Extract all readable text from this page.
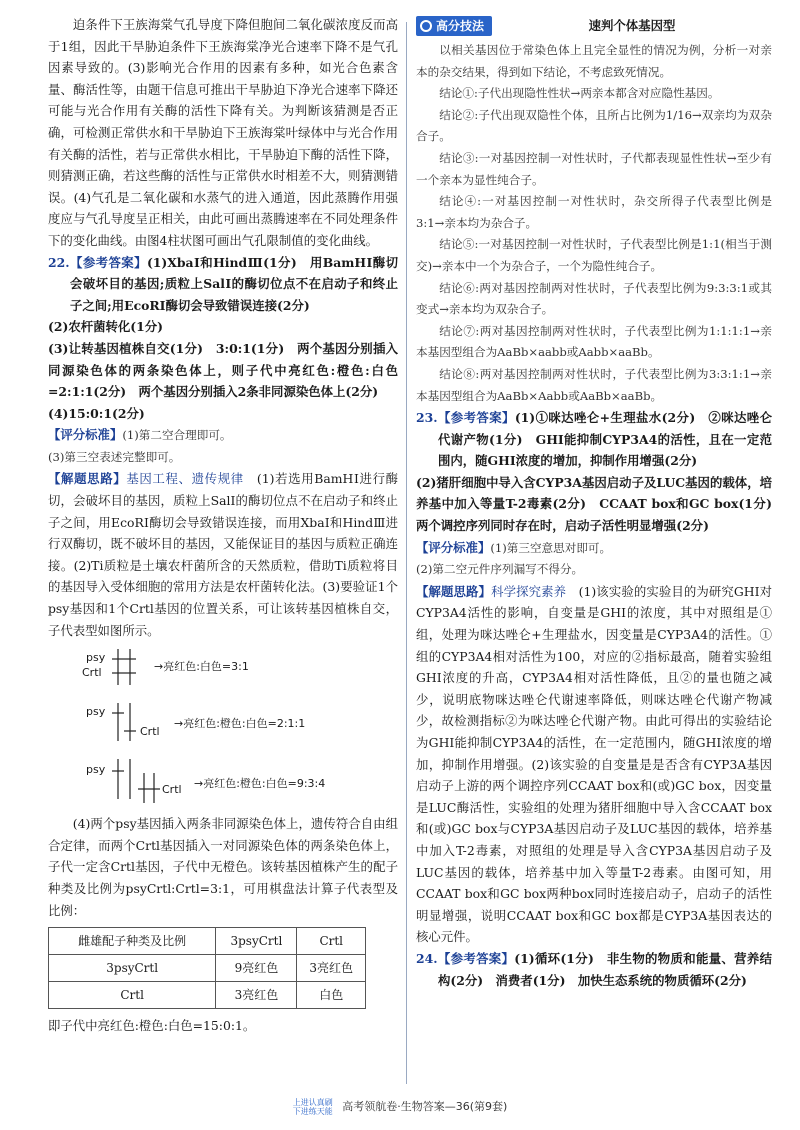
迫条件下王族海棠气孔导度下降但胞间二氧化碳浓度反而高于1组，因此干旱胁迫条件下王族海棠净光合速率下降不是气孔因素导致的。(3)影响光合作用的因素有多种，如光合色素含量、酶活性等，由题干信息可推出干旱胁迫下净光合速率下降还可能与光合作用有关酶的活性下降有关。为判断该猜测是否正确，可检测正常供水和干旱胁迫下王族海棠叶绿体中与光合作用有关酶的活性，若与正常供水相比，干旱胁迫下酶的活性下降，则猜测正确，若这些酶的活性与正常供水时相差不大，则猜测错误。(4)气孔是二氧化碳和水蒸气的进入通道，因此蒸腾作用强度应与气孔导度呈正相关，由此可画出蒸腾速率在不同处理条件下的变化曲线。由图4柱状图可画出气孔限制值的变化曲线。

22.【参考答案】(1)XbaⅠ和HindⅢ(1分)　用BamHⅠ酶切会破坏目的基因;质粒上SalⅠ的酶切位点不在启动子和终止子之间;用EcoRⅠ酶切会导致错误连接(2分)

(2)农杆菌转化(1分)

(3)让转基因植株自交(1分)　3:0:1(1分)　两个基因分别插入同源染色体的两条染色体上，则子代中亮红色:橙色:白色=2:1:1(2分)　两个基因分别插入2条非同源染色体上(2分)

(4)15:0:1(2分)

【评分标准】(1)第二空合理即可。

(3)第三空表述完整即可。

【解题思路】基因工程、遗传规律　 (1)若选用BamHⅠ进行酶切，会破坏目的基因，质粒上SalⅠ的酶切位点不在启动子和终止子之间，用EcoRⅠ酶切会导致错误连接，而用XbaⅠ和HindⅢ进行双酶切，既不破坏目的基因，又能保证目的基因与质粒正确连接。(2)Ti质粒是土壤农杆菌所含的天然质粒，借助Ti质粒将目的基因导入受体细胞的常用方法是农杆菌转化法。(3)要验证1个psy基因和1个Crtl基因的位置关系，可让该转基因植株自交，子代表型如图所示。

psy
Crtl	→亮红色:白色=3:1
psy
Crtl
→亮红色:橙色:白色=2:1:1
psy
Crtl →亮红色:橙色:白色=9:3:4

(4)两个psy基因插入两条非同源染色体上，遗传符合自由组合定律，而两个Crtl基因插入一对同源染色体的两条染色体上，子代一定含Crtl基因，子代中无橙色。该转基因植株产生的配子种类及比例为psyCrtl:Crtl=3:1，可用棋盘法计算子代表型及比例：

雌雄配子种类及比例	3psyCrtl	Crtl
3psyCrtl	9亮红色	3亮红色
Crtl	3亮红色	白色

即子代中亮红色:橙色:白色=15:0:1。

高分技法	速判个体基因型

以相关基因位于常染色体上且完全显性的情况为例，分析一对亲本的杂交结果，得到如下结论，不考虑致死情况。

结论①:子代出现隐性性状→两亲本都含对应隐性基因。

结论②:子代出现双隐性个体，且所占比例为1/16→双亲均为双杂合子。

结论③:一对基因控制一对性状时，子代都表现显性性状→至少有一个亲本为显性纯合子。

结论④:一对基因控制一对性状时，杂交所得子代表型比例是3:1→亲本均为杂合子。

结论⑤:一对基因控制一对性状时，子代表型比例是1:1(相当于测交)→亲本中一个为杂合子，一个为隐性纯合子。

结论⑥:两对基因控制两对性状时，子代表型比例为9:3:3:1或其变式→亲本均为双杂合子。

结论⑦:两对基因控制两对性状时，子代表型比例为1:1:1:1→亲本基因型组合为AaBb×aabb或Aabb×aaBb。

结论⑧:两对基因控制两对性状时，子代表型比例为3:3:1:1→亲本基因型组合为AaBb×Aabb或AaBb×aaBb。

23.【参考答案】(1)①咪达唑仑+生理盐水(2分)　②咪达唑仑代谢产物(1分)　GHI能抑制CYP3A4的活性，且在一定范围内，随GHI浓度的增加，抑制作用增强(2分)

(2)猪肝细胞中导入含CYP3A基因启动子及LUC基因的载体，培养基中加入等量T-2毒素(2分)　CCAAT box和GC box(1分)　两个调控序列同时存在时，启动子活性明显增强(2分)

【评分标准】(1)第三空意思对即可。

(2)第二空元件序列漏写不得分。

【解题思路】科学探究素养　 (1)该实验的实验目的为研究GHI对CYP3A4活性的影响，自变量是GHI的浓度，其中对照组是①组，处理为咪达唑仑+生理盐水，因变量是CYP3A4的活性。①组的CYP3A4相对活性为100，对应的②指标最高，随着实验组GHI浓度的升高，CYP3A4相对活性降低，且②的量也随之减少，说明底物咪达唑仑代谢速率降低，则咪达唑仑代谢产物减少，故检测指标②为咪达唑仑代谢产物。由此可得出的实验结论为GHI能抑制CYP3A4的活性，在一定范围内，随GHI浓度的增加，抑制作用增强。(2)该实验的自变量是是否含有CYP3A基因启动子上游的两个调控序列CCAAT box和(或)GC box，因变量是LUC酶活性，实验组的处理为猪肝细胞中导入含CCAAT box和(或)GC box与CYP3A基因启动子及LUC基因的载体，培养基中加入T-2毒素，对照组的处理是导入含CYP3A基因启动子及LUC基因的载体，培养基中加入等量T-2毒素。由图可知，用CCAAT box和GC box两种box同时连接启动子，启动子的活性明显增强，说明CCAAT box和GC box都是CYP3A基因表达的核心元件。

24.【参考答案】(1)循环(1分)　非生物的物质和能量、营养结构(2分)　消费者(1分)　加快生态系统的物质循环(2分)

上进认真刷
下进练天能 高考领航卷·生物答案—36(第9套)
